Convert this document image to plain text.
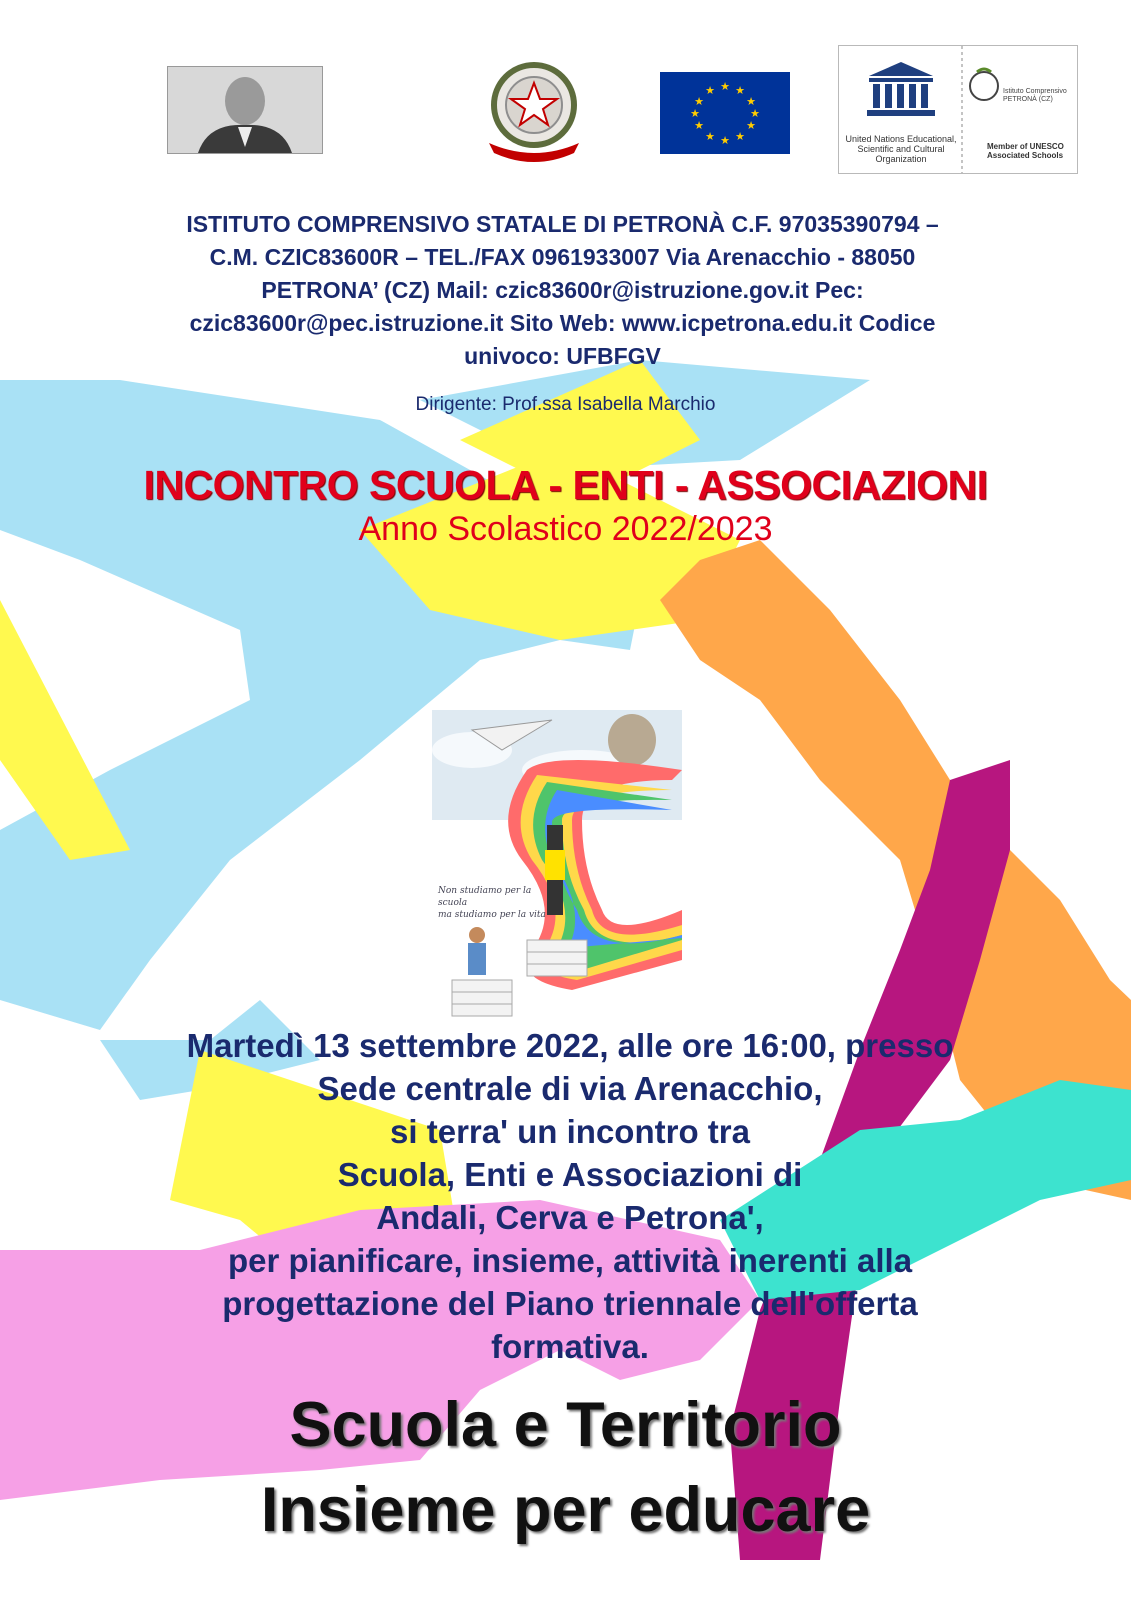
★ ★
★
★
★
★
★
★
★
★
★
★
United Nations Educational, Scientific and Cultural Organization
Istituto Comprensivo PETRONÀ (CZ)
Member of UNESCO Associated Schools
ISTITUTO COMPRENSIVO STATALE DI PETRONÀ C.F. 97035390794 –
C.M. CZIC83600R – TEL./FAX 0961933007 Via Arenacchio - 88050
PETRONA’ (CZ) Mail: czic83600r@istruzione.gov.it Pec:
czic83600r@pec.istruzione.it Sito Web: www.icpetrona.edu.it Codice
univoco: UFBFGV
Dirigente: Prof.ssa Isabella Marchio
INCONTRO SCUOLA - ENTI - ASSOCIAZIONI
Anno Scolastico 2022/2023
Non studiamo per la scuola
ma studiamo per la vita
Martedì 13 settembre 2022, alle ore 16:00, presso
Sede centrale di via Arenacchio,
si terra' un incontro tra
Scuola, Enti e Associazioni di
Andali, Cerva e Petrona',
per pianificare, insieme, attività inerenti alla
progettazione del Piano triennale dell'offerta
formativa.
Scuola e Territorio
Insieme per educare
